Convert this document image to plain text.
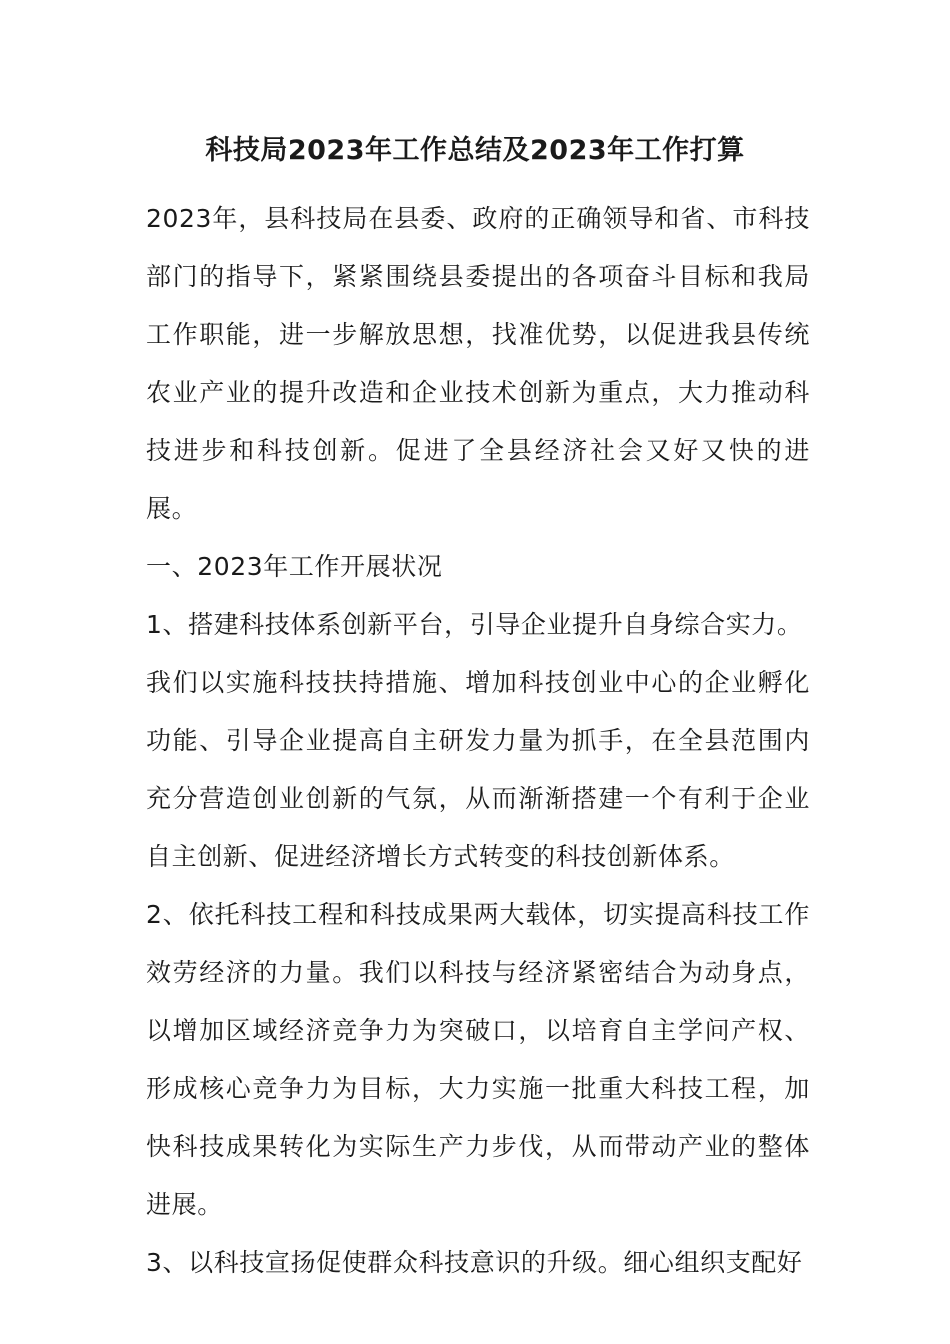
科技局2023年工作总结及2023年工作打算

2023年，县科技局在县委、政府的正确领导和省、市科技部门的指导下，紧紧围绕县委提出的各项奋斗目标和我局工作职能，进一步解放思想，找准优势，以促进我县传统农业产业的提升改造和企业技术创新为重点，大力推动科技进步和科技创新。促进了全县经济社会又好又快的进展。

一、2023年工作开展状况

1、搭建科技体系创新平台，引导企业提升自身综合实力。

我们以实施科技扶持措施、增加科技创业中心的企业孵化功能、引导企业提高自主研发力量为抓手，在全县范围内充分营造创业创新的气氛，从而渐渐搭建一个有利于企业自主创新、促进经济增长方式转变的科技创新体系。

2、依托科技工程和科技成果两大载体，切实提高科技工作效劳经济的力量。我们以科技与经济紧密结合为动身点，以增加区域经济竞争力为突破口，以培育自主学问产权、形成核心竞争力为目标，大力实施一批重大科技工程，加快科技成果转化为实际生产力步伐，从而带动产业的整体进展。

3、以科技宣扬促使群众科技意识的升级。细心组织支配好
